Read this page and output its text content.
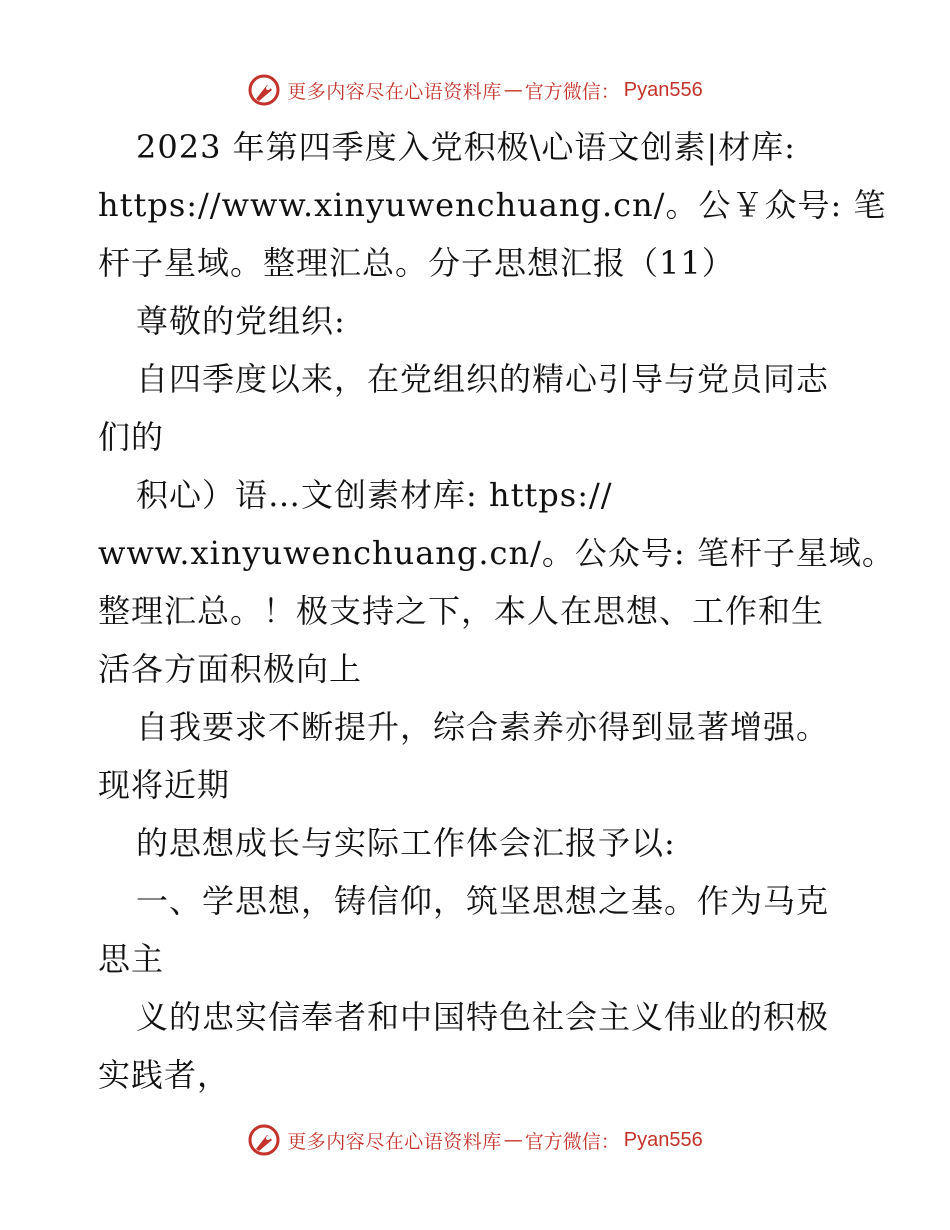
更多内容尽在心语资料库 — 官方微信： Pyan556
2023 年第四季度入党积极\心语文创素|材库:
https://www.xinyuwenchuang.cn/。公￥众号: 笔
杆子星域。整理汇总。分子思想汇报（11）
尊敬的党组织:
自四季度以来，在党组织的精心引导与党员同志
们的
积心）语…文创素材库: https://
www.xinyuwenchuang.cn/。公众号: 笔杆子星域。
整理汇总。！极支持之下，本人在思想、工作和生
活各方面积极向上
自我要求不断提升，综合素养亦得到显著增强。
现将近期
的思想成长与实际工作体会汇报予以:
一、学思想，铸信仰，筑坚思想之基。作为马克
思主
义的忠实信奉者和中国特色社会主义伟业的积极
实践者，
更多内容尽在心语资料库 — 官方微信： Pyan556
